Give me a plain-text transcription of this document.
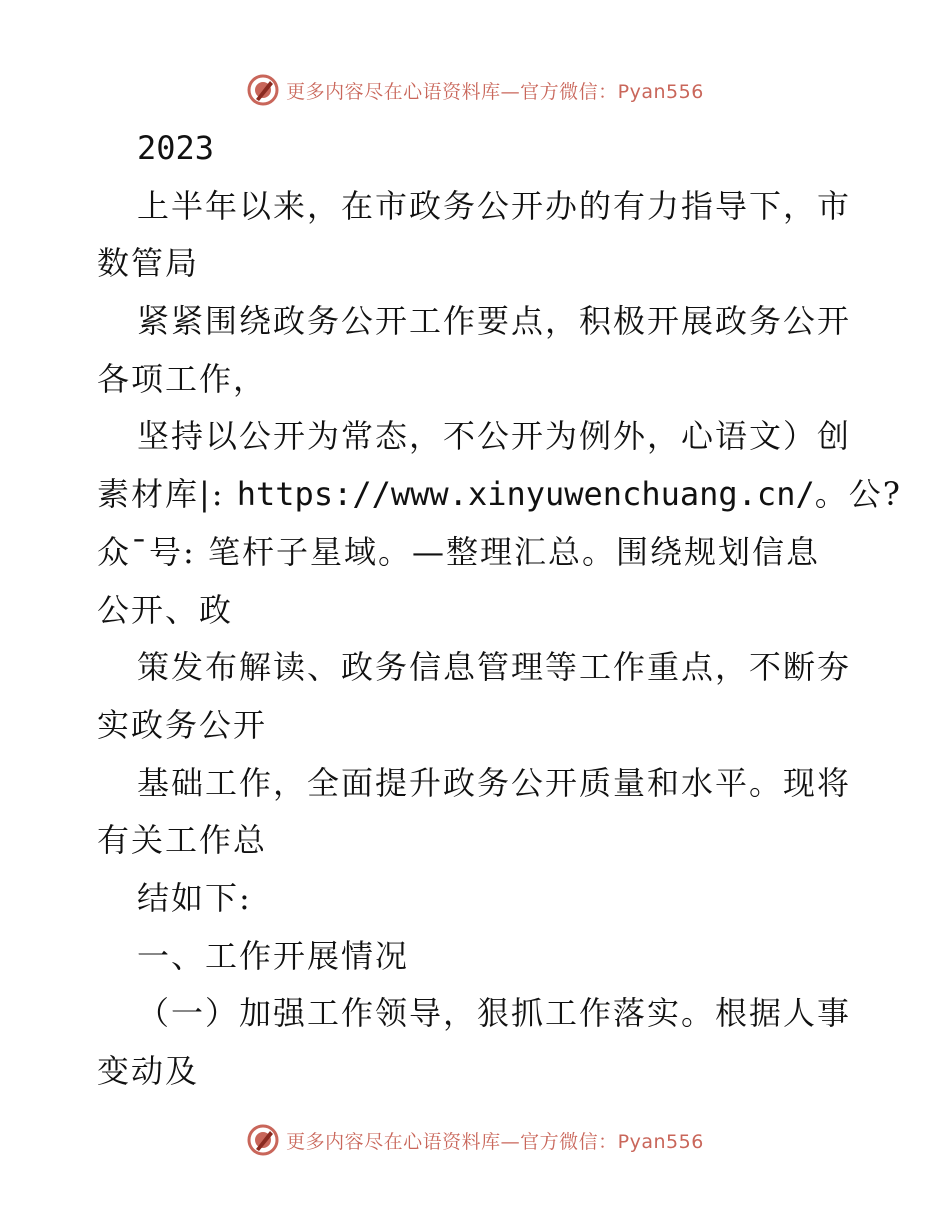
更多内容尽在心语资料库—官方微信：Pyan556
2023
上半年以来，在市政务公开办的有力指导下，市
数管局
紧紧围绕政务公开工作要点，积极开展政务公开
各项工作，
坚持以公开为常态，不公开为例外，心语文）创
素材库|: https://www.xinyuwenchuang.cn/。公?
众¯号: 笔杆子星域。—整理汇总。围绕规划信息
公开、政
策发布解读、政务信息管理等工作重点，不断夯
实政务公开
基础工作，全面提升政务公开质量和水平。现将
有关工作总
结如下:
一、工作开展情况
（一）加强工作领导，狠抓工作落实。根据人事
变动及
更多内容尽在心语资料库—官方微信：Pyan556
